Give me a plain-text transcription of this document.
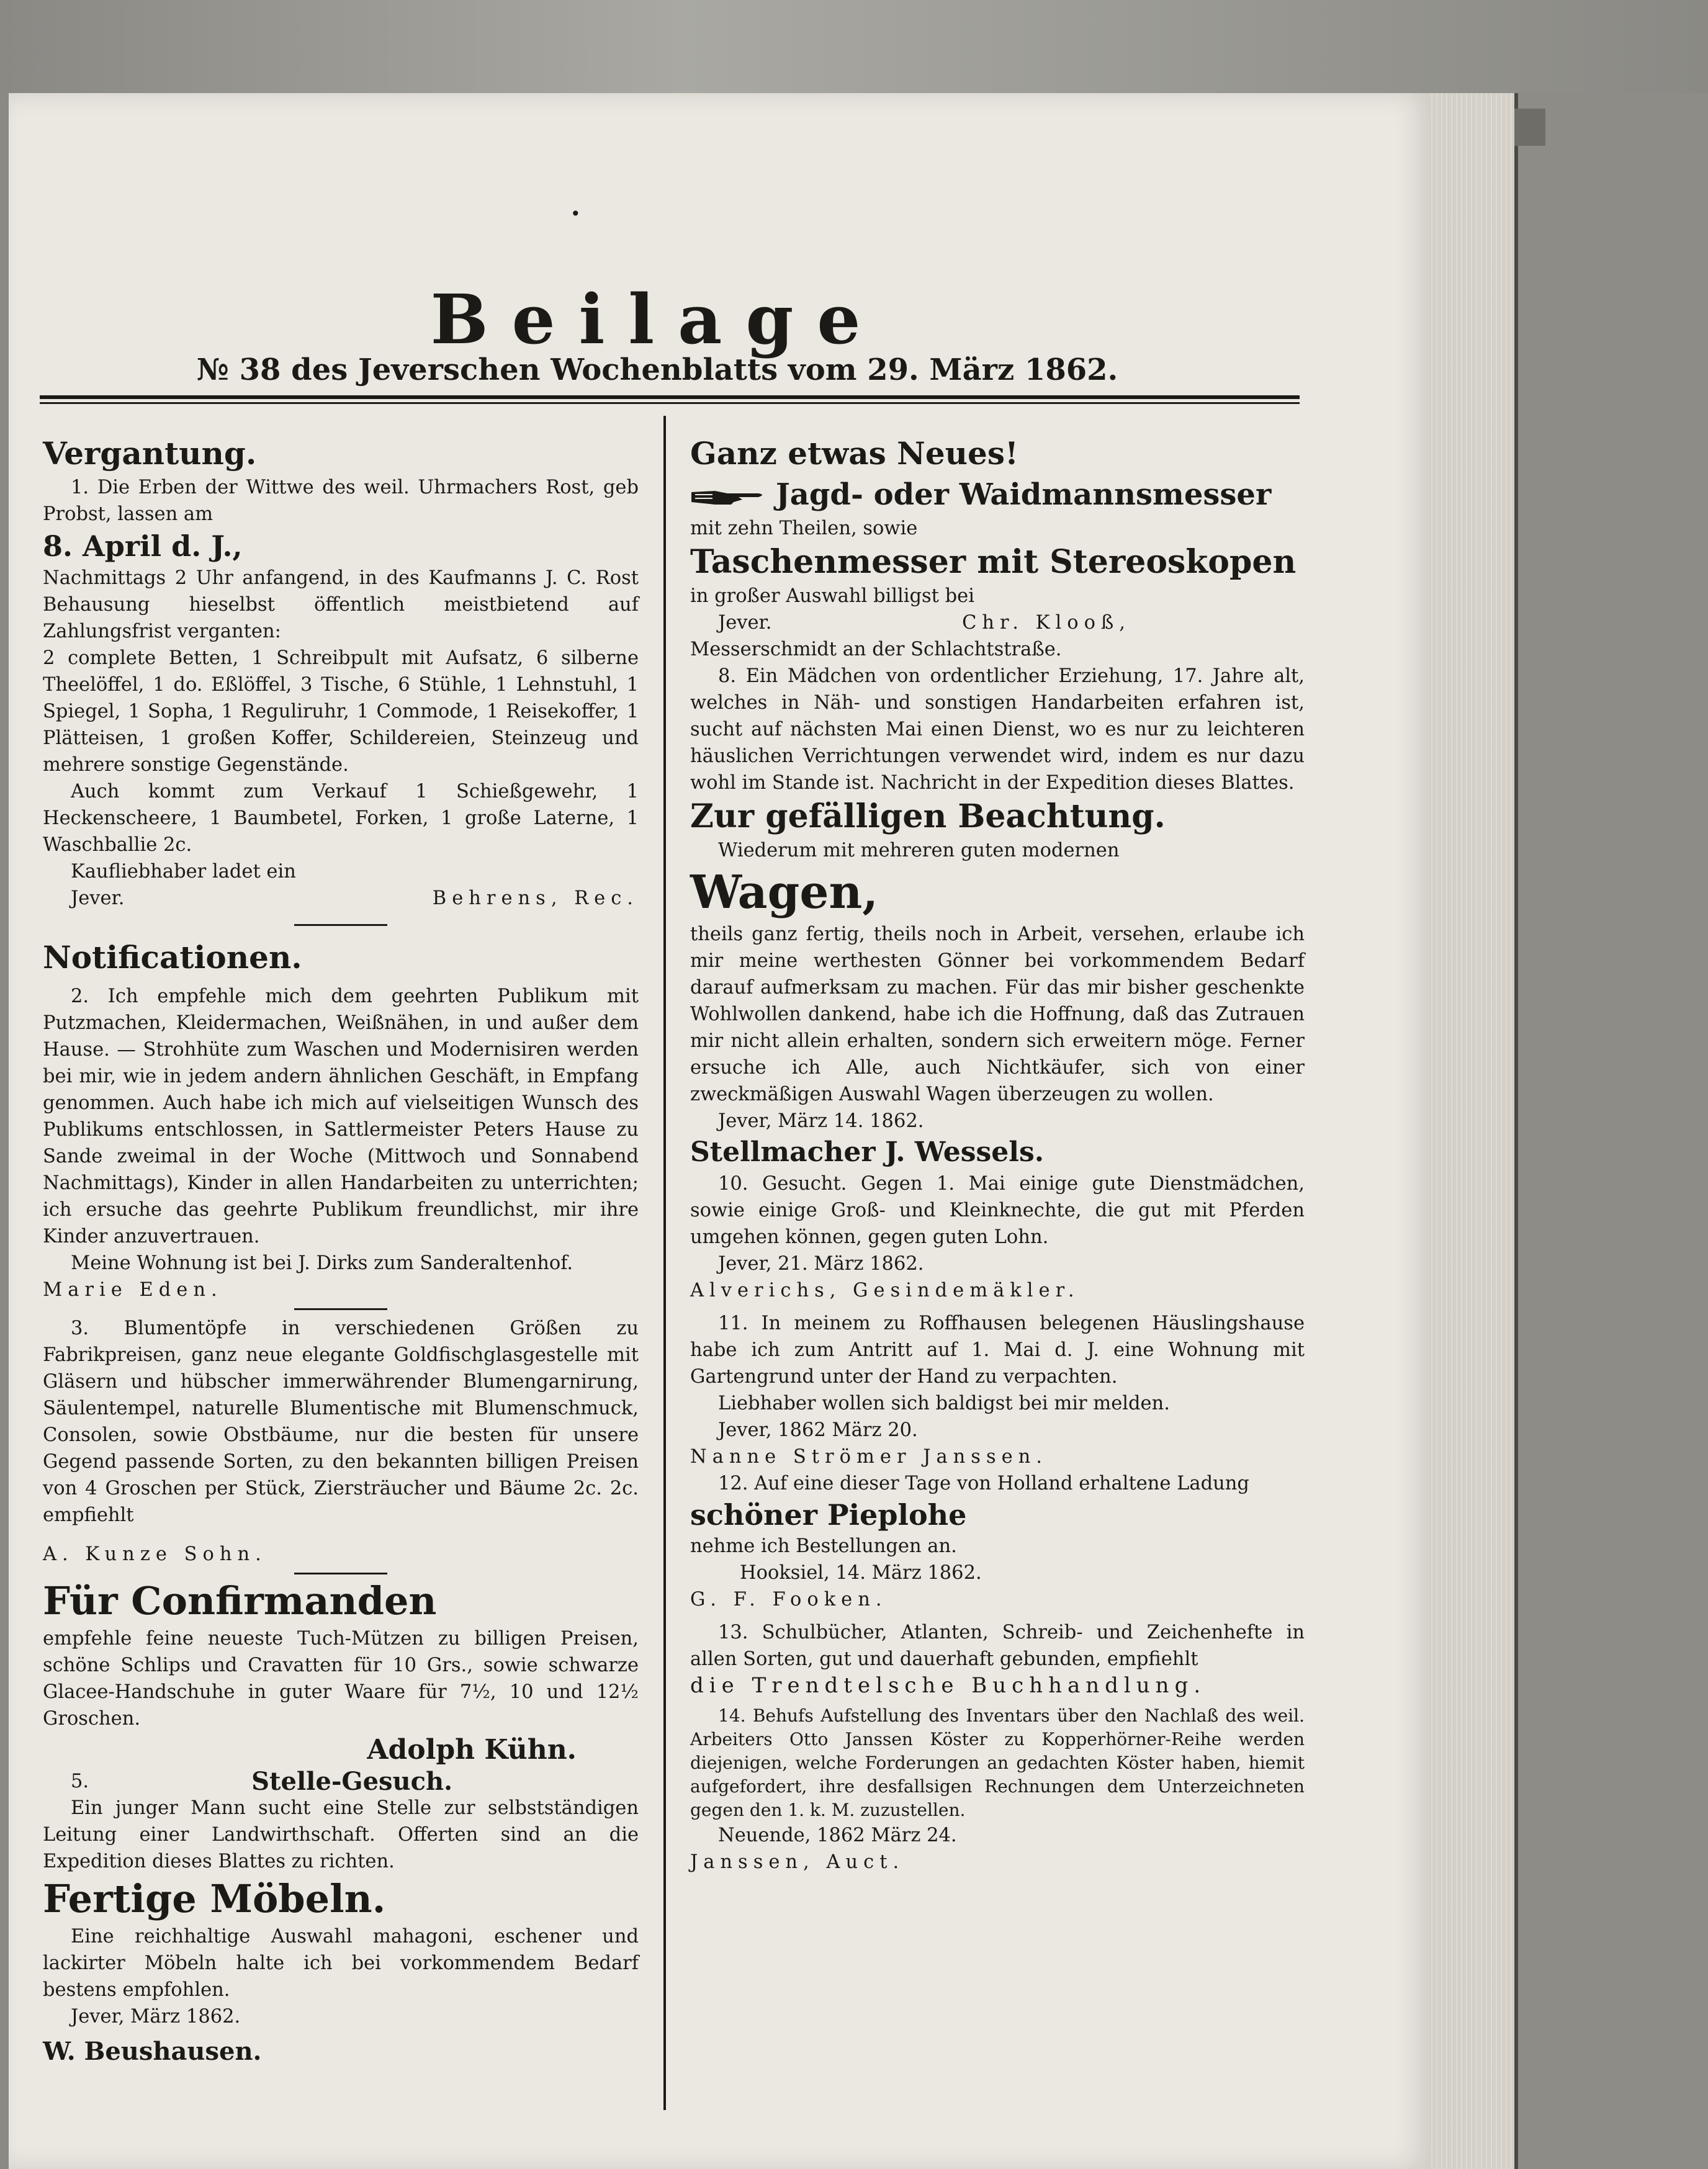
•
Beilage
№ 38 des Jeverschen Wochenblatts vom 29. März 1862.

Vergantung.

1. Die Erben der Wittwe des weil. Uhrmachers Rost, geb Probst, lassen am

8. April d. J.,

Nachmittags 2 Uhr anfangend, in des Kaufmanns J. C. Rost Behausung hieselbst öffentlich meistbietend auf Zahlungsfrist verganten:

2 complete Betten, 1 Schreibpult mit Aufsatz, 6 silberne Theelöffel, 1 do. Eßlöffel, 3 Tische, 6 Stühle, 1 Lehnstuhl, 1 Spiegel, 1 Sopha, 1 Reguliruhr, 1 Commode, 1 Reisekoffer, 1 Plätteisen, 1 großen Koffer, Schildereien, Steinzeug und mehrere sonstige Gegenstände.

Auch kommt zum Verkauf 1 Schießgewehr, 1 Heckenscheere, 1 Baumbetel, Forken, 1 große Laterne, 1 Waschballie 2c.

Kaufliebhaber ladet ein

Jever.	Behrens, Rec.

Notificationen.

2. Ich empfehle mich dem geehrten Publikum mit Putzmachen, Kleidermachen, Weißnähen, in und außer dem Hause. — Strohhüte zum Waschen und Modernisiren werden bei mir, wie in jedem andern ähnlichen Geschäft, in Empfang genommen. Auch habe ich mich auf vielseitigen Wunsch des Publikums entschlossen, in Sattlermeister Peters Hause zu Sande zweimal in der Woche (Mittwoch und Sonnabend Nachmittags), Kinder in allen Handarbeiten zu unterrichten; ich ersuche das geehrte Publikum freundlichst, mir ihre Kinder anzuvertrauen.

Meine Wohnung ist bei J. Dirks zum Sanderaltenhof.

Marie Eden.

3. Blumentöpfe in verschiedenen Größen zu Fabrikpreisen, ganz neue elegante Goldfischglasgestelle mit Gläsern und hübscher immerwährender Blumengarnirung, Säulentempel, naturelle Blumentische mit Blumenschmuck, Consolen, sowie Obstbäume, nur die besten für unsere Gegend passende Sorten, zu den bekannten billigen Preisen von 4 Groschen per Stück, Ziersträucher und Bäume 2c. 2c. empfiehlt

A. Kunze Sohn.

Für Confirmanden

empfehle feine neueste Tuch-Mützen zu billigen Preisen, schöne Schlips und Cravatten für 10 Grs., sowie schwarze Glacee-Handschuhe in guter Waare für 7½, 10 und 12½ Groschen.

Adolph Kühn.

5.	Stelle-Gesuch.

Ein junger Mann sucht eine Stelle zur selbstständigen Leitung einer Landwirthschaft. Offerten sind an die Expedition dieses Blattes zu richten.

Fertige Möbeln.

Eine reichhaltige Auswahl mahagoni, eschener und lackirter Möbeln halte ich bei vorkommendem Bedarf bestens empfohlen.

Jever, März 1862.

W. Beushausen.

Ganz etwas Neues!

Jagd- oder Waidmannsmesser

mit zehn Theilen, sowie

Taschenmesser mit Stereoskopen

in großer Auswahl billigst bei

Jever.	Chr. Klooß,

Messerschmidt an der Schlachtstraße.

8. Ein Mädchen von ordentlicher Erziehung, 17. Jahre alt, welches in Näh- und sonstigen Handarbeiten erfahren ist, sucht auf nächsten Mai einen Dienst, wo es nur zu leichteren häuslichen Verrichtungen verwendet wird, indem es nur dazu wohl im Stande ist. Nachricht in der Expedition dieses Blattes.

Zur gefälligen Beachtung.

Wiederum mit mehreren guten modernen

Wagen,

theils ganz fertig, theils noch in Arbeit, versehen, erlaube ich mir meine werthesten Gönner bei vorkommendem Bedarf darauf aufmerksam zu machen. Für das mir bisher geschenkte Wohlwollen dankend, habe ich die Hoffnung, daß das Zutrauen mir nicht allein erhalten, sondern sich erweitern möge. Ferner ersuche ich Alle, auch Nichtkäufer, sich von einer zweckmäßigen Auswahl Wagen überzeugen zu wollen.

Jever, März 14. 1862.

Stellmacher J. Wessels.

10. Gesucht. Gegen 1. Mai einige gute Dienstmädchen, sowie einige Groß- und Kleinknechte, die gut mit Pferden umgehen können, gegen guten Lohn.

Jever, 21. März 1862.

Alverichs, Gesindemäkler.

11. In meinem zu Roffhausen belegenen Häuslingshause habe ich zum Antritt auf 1. Mai d. J. eine Wohnung mit Gartengrund unter der Hand zu verpachten.

Liebhaber wollen sich baldigst bei mir melden.

Jever, 1862 März 20.

Nanne Strömer Janssen.

12. Auf eine dieser Tage von Holland erhaltene Ladung

schöner Pieplohe

nehme ich Bestellungen an.

Hooksiel, 14. März 1862.

G. F. Fooken.

13. Schulbücher, Atlanten, Schreib- und Zeichenhefte in allen Sorten, gut und dauerhaft gebunden, empfiehlt

die Trendtelsche Buchhandlung.

14. Behufs Aufstellung des Inventars über den Nachlaß des weil. Arbeiters Otto Janssen Köster zu Kopperhörner-Reihe werden diejenigen, welche Forderungen an gedachten Köster haben, hiemit aufgefordert, ihre desfallsigen Rechnungen dem Unterzeichneten gegen den 1. k. M. zuzustellen.

Neuende, 1862 März 24.

Janssen, Auct.
